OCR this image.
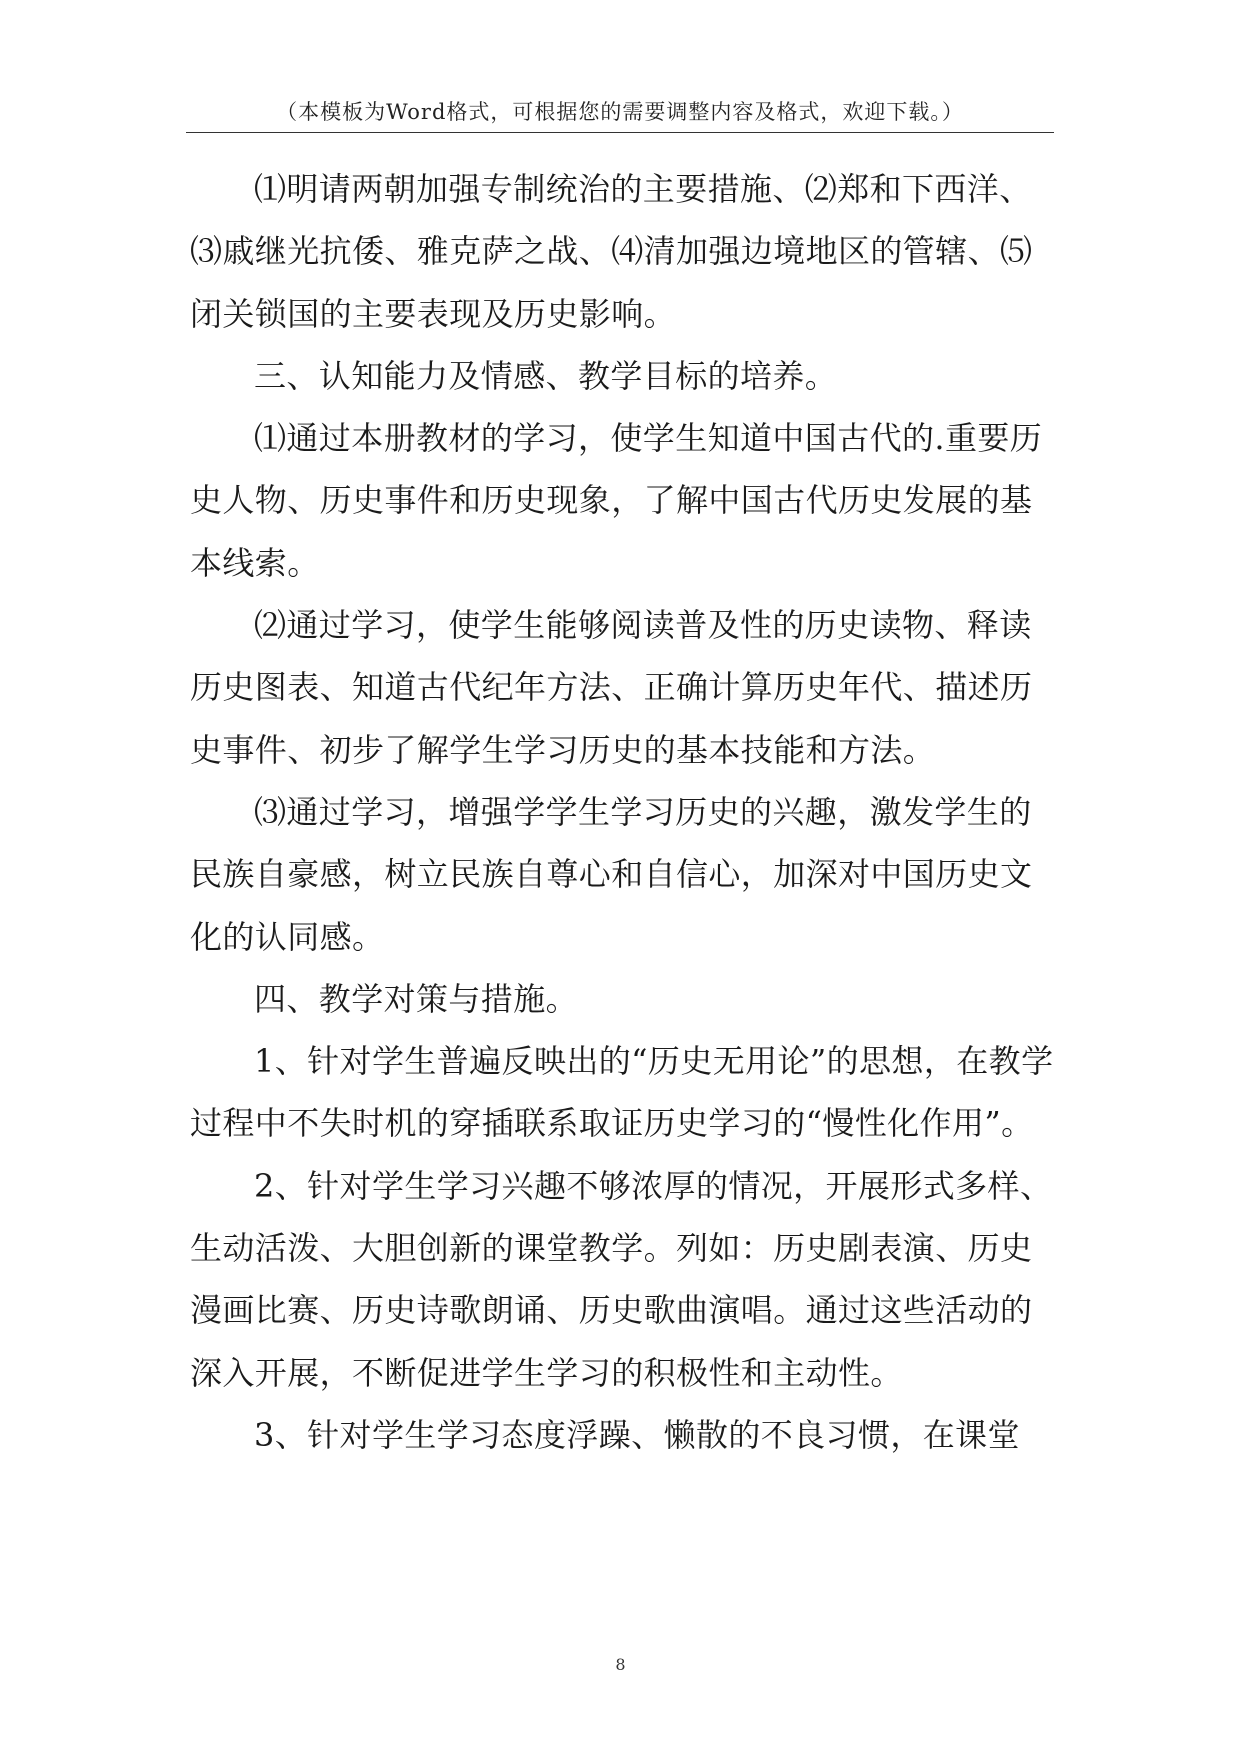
（本模板为Word格式，可根据您的需要调整内容及格式，欢迎下载。）

⑴明请两朝加强专制统治的主要措施、⑵郑和下西洋、⑶戚继光抗倭、雅克萨之战、⑷清加强边境地区的管辖、⑸闭关锁国的主要表现及历史影响。

三、认知能力及情感、教学目标的培养。

⑴通过本册教材的学习，使学生知道中国古代的.重要历史人物、历史事件和历史现象，了解中国古代历史发展的基本线索。

⑵通过学习，使学生能够阅读普及性的历史读物、释读历史图表、知道古代纪年方法、正确计算历史年代、描述历史事件、初步了解学生学习历史的基本技能和方法。

⑶通过学习，增强学学生学习历史的兴趣，激发学生的民族自豪感，树立民族自尊心和自信心，加深对中国历史文化的认同感。

四、教学对策与措施。

1、针对学生普遍反映出的“历史无用论”的思想，在教学过程中不失时机的穿插联系取证历史学习的“慢性化作用”。

2、针对学生学习兴趣不够浓厚的情况，开展形式多样、生动活泼、大胆创新的课堂教学。列如：历史剧表演、历史漫画比赛、历史诗歌朗诵、历史歌曲演唱。通过这些活动的深入开展，不断促进学生学习的积极性和主动性。

3、针对学生学习态度浮躁、懒散的不良习惯，在课堂

8
